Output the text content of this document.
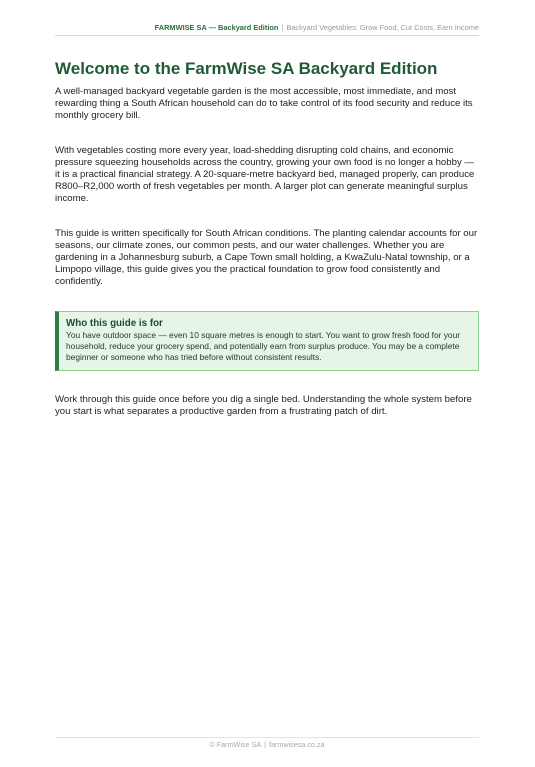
FARMWISE SA — Backyard Edition | Backyard Vegetables: Grow Food, Cut Costs, Earn Income
Welcome to the FarmWise SA Backyard Edition

A well-managed backyard vegetable garden is the most accessible, most immediate, and most rewarding thing a South African household can do to take control of its food security and reduce its monthly grocery bill.

With vegetables costing more every year, load-shedding disrupting cold chains, and economic pressure squeezing households across the country, growing your own food is no longer a hobby — it is a practical financial strategy. A 20-square-metre backyard bed, managed properly, can produce R800–R2,000 worth of fresh vegetables per month. A larger plot can generate meaningful surplus income.

This guide is written specifically for South African conditions. The planting calendar accounts for our seasons, our climate zones, our common pests, and our water challenges. Whether you are gardening in a Johannesburg suburb, a Cape Town small holding, a KwaZulu-Natal township, or a Limpopo village, this guide gives you the practical foundation to grow food consistently and confidently.

Who this guide is for
You have outdoor space — even 10 square metres is enough to start. You want to grow fresh food for your household, reduce your grocery spend, and potentially earn from surplus produce. You may be a complete beginner or someone who has tried before without consistent results.

Work through this guide once before you dig a single bed. Understanding the whole system before you start is what separates a productive garden from a frustrating patch of dirt.

© FarmWise SA | farmwisesa.co.za
